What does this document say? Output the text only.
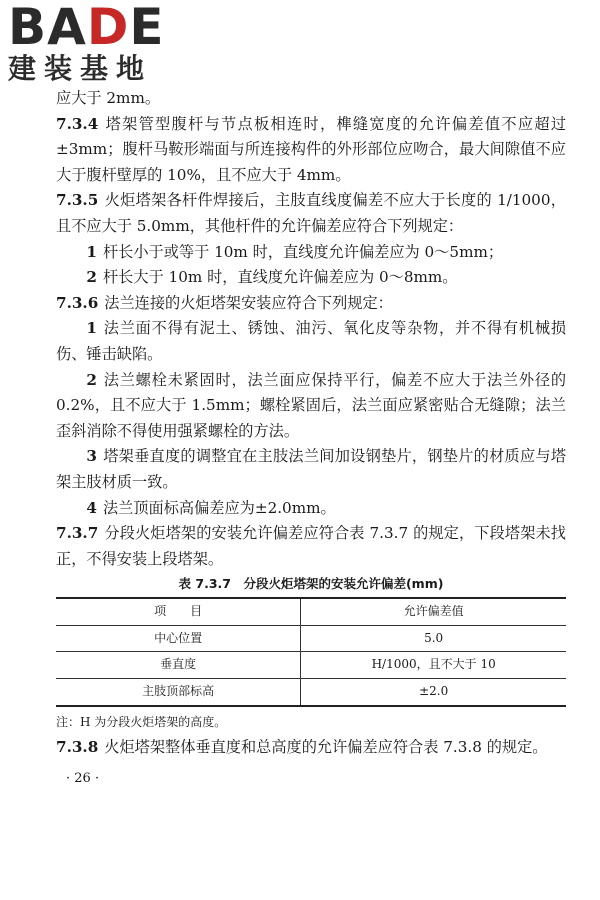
BADE
建装基地

应大于 2mm。

7.3.4 塔架管型腹杆与节点板相连时，榫缝宽度的允许偏差值不应超过±3mm；腹杆马鞍形端面与所连接构件的外形部位应吻合，最大间隙值不应大于腹杆壁厚的 10%，且不应大于 4mm。

7.3.5 火炬塔架各杆件焊接后，主肢直线度偏差不应大于长度的 1/1000，且不应大于 5.0mm，其他杆件的允许偏差应符合下列规定：

1 杆长小于或等于 10m 时，直线度允许偏差应为 0～5mm；

2 杆长大于 10m 时，直线度允许偏差应为 0～8mm。

7.3.6 法兰连接的火炬塔架安装应符合下列规定：

1 法兰面不得有泥土、锈蚀、油污、氧化皮等杂物，并不得有机械损伤、锤击缺陷。

2 法兰螺栓未紧固时，法兰面应保持平行，偏差不应大于法兰外径的 0.2%，且不应大于 1.5mm；螺栓紧固后，法兰面应紧密贴合无缝隙；法兰歪斜消除不得使用强紧螺栓的方法。

3 塔架垂直度的调整宜在主肢法兰间加设钢垫片，钢垫片的材质应与塔架主肢材质一致。

4 法兰顶面标高偏差应为±2.0mm。

7.3.7 分段火炬塔架的安装允许偏差应符合表 7.3.7 的规定，下段塔架未找正，不得安装上段塔架。

表 7.3.7　分段火炬塔架的安装允许偏差(mm)
项　　目	允许偏差值
中心位置	5.0
垂直度	H/1000，且不大于 10
主肢顶部标高	±2.0
注：H 为分段火炬塔架的高度。

7.3.8 火炬塔架整体垂直度和总高度的允许偏差应符合表 7.3.8 的规定。

· 26 ·
